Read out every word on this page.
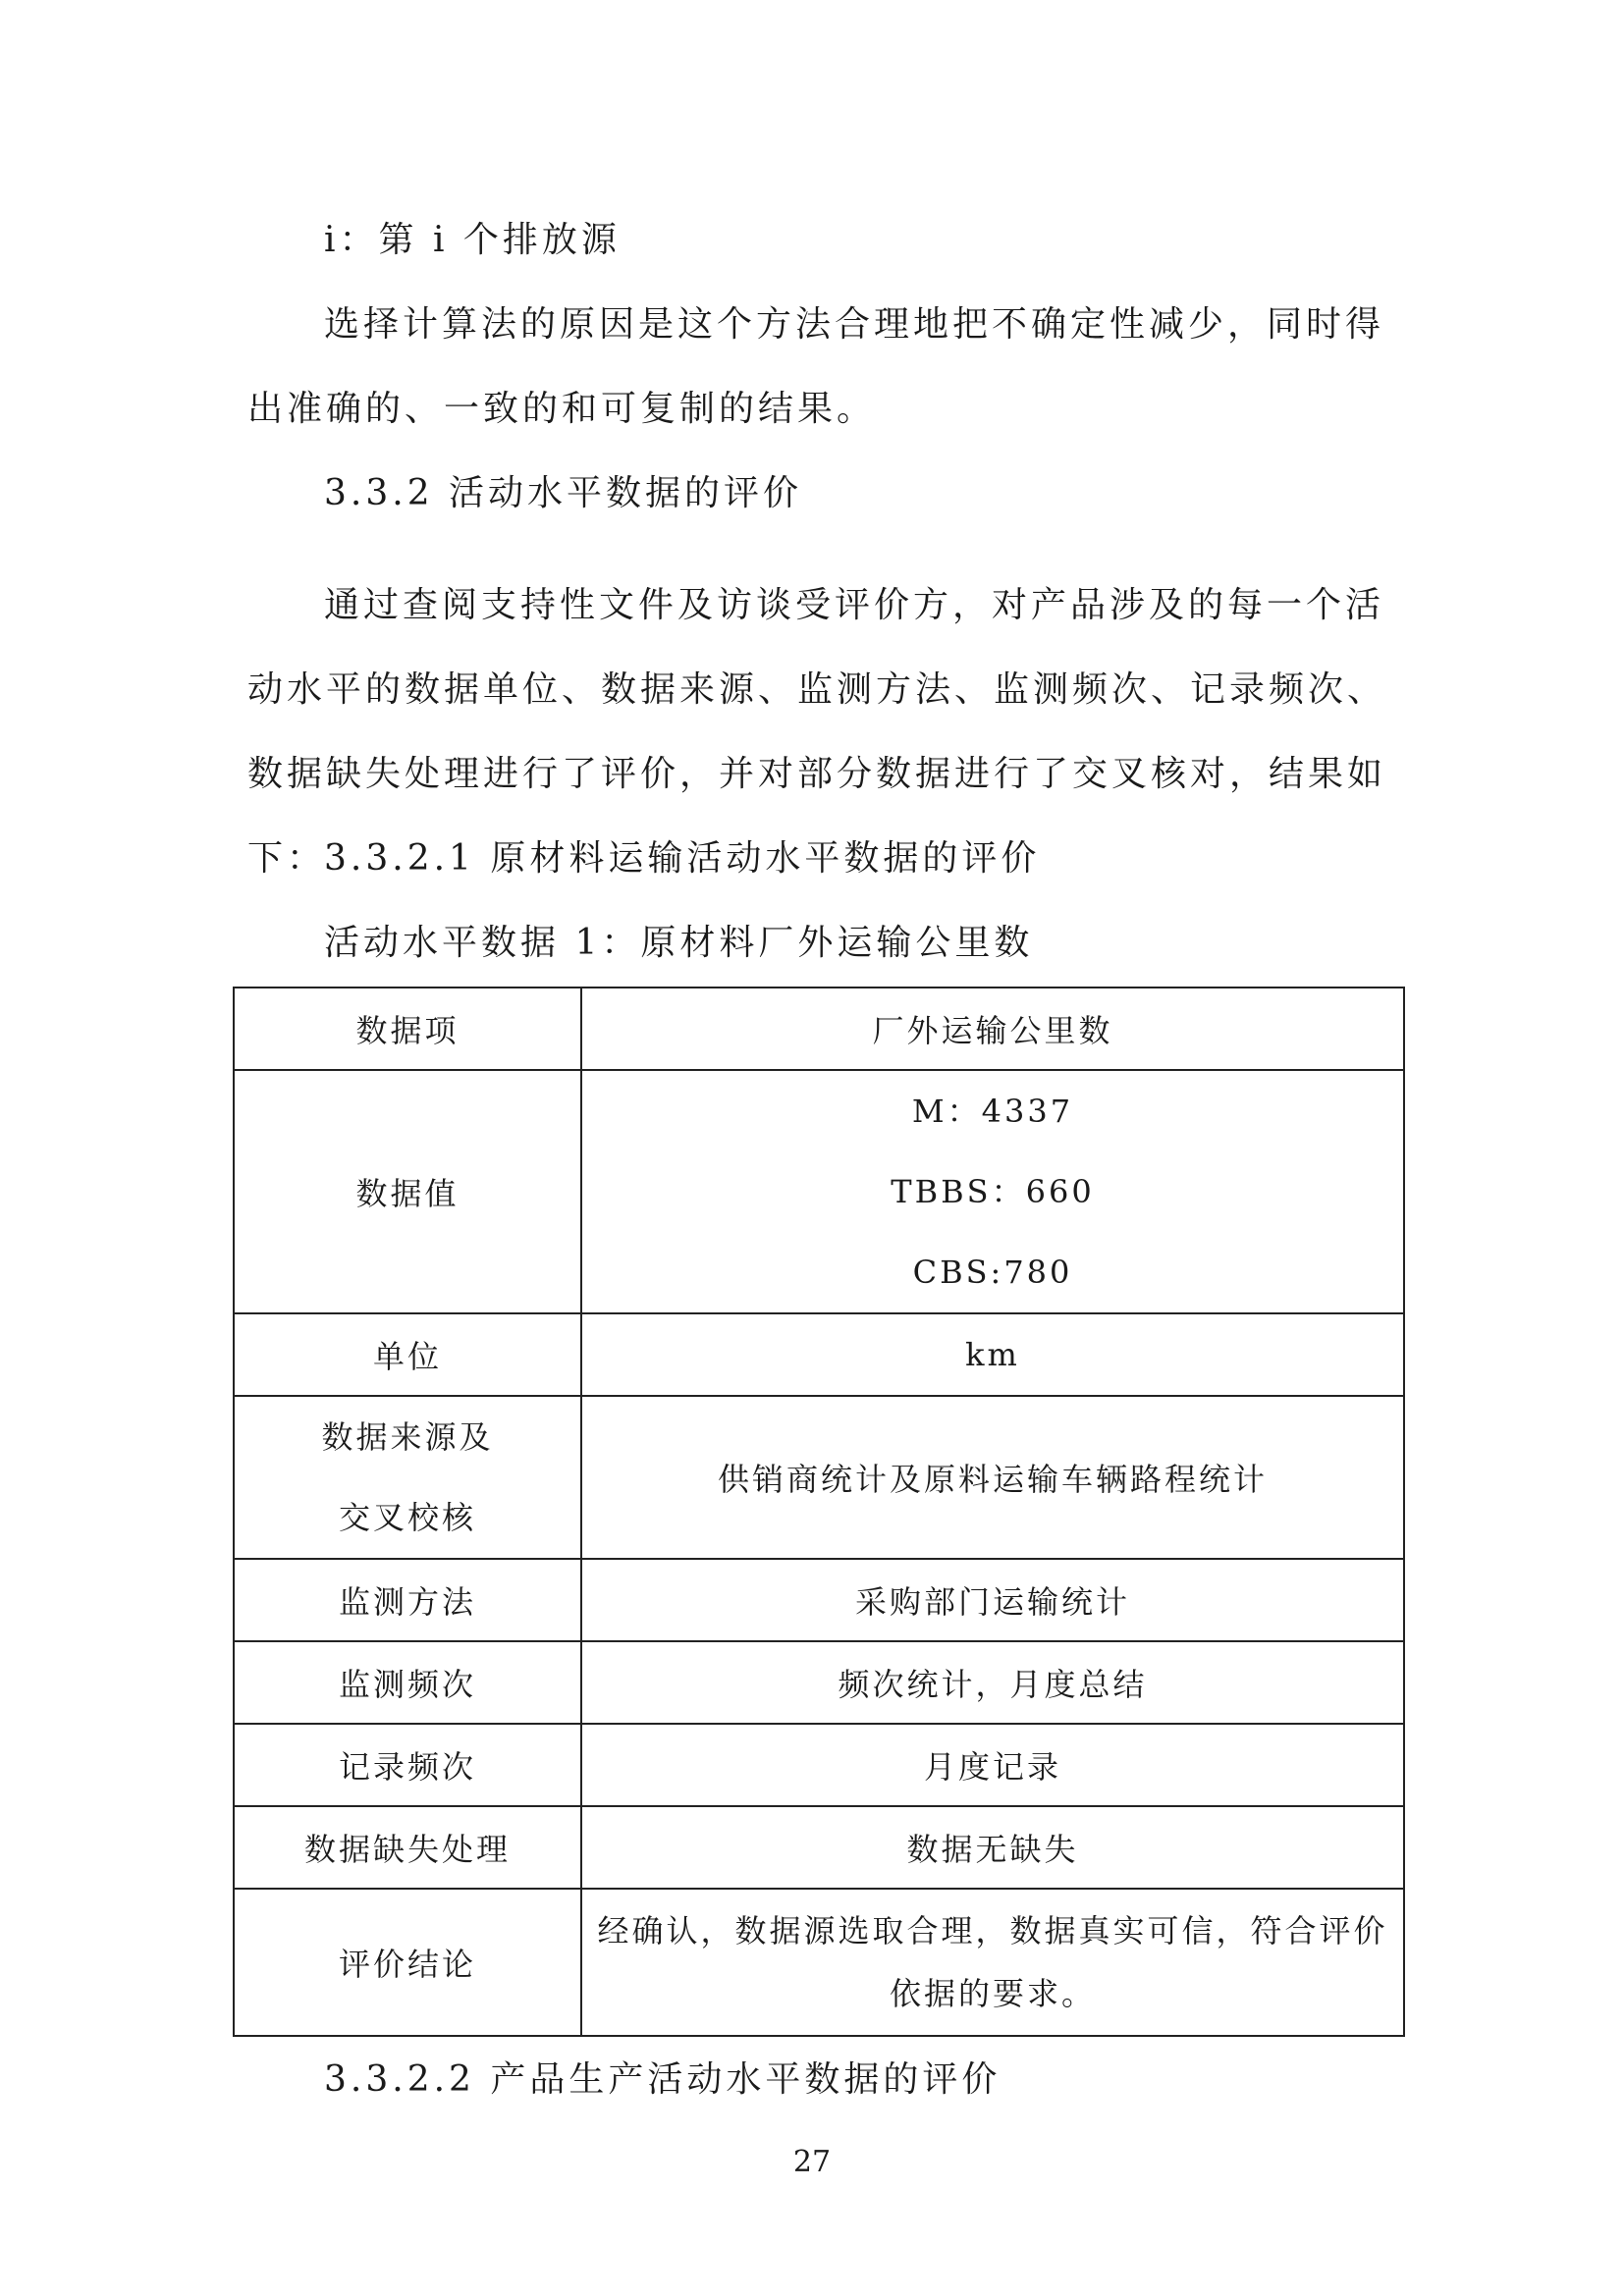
i：第 i 个排放源

选择计算法的原因是这个方法合理地把不确定性减少，同时得出准确的、一致的和可复制的结果。

3.3.2 活动水平数据的评价

通过查阅支持性文件及访谈受评价方，对产品涉及的每一个活动水平的数据单位、数据来源、监测方法、监测频次、记录频次、数据缺失处理进行了评价，并对部分数据进行了交叉核对，结果如下：

3.3.2.1 原材料运输活动水平数据的评价

活动水平数据 1：原材料厂外运输公里数

数据项	厂外运输公里数
数据值	M：4337
TBBS：660
CBS:780

单位	km

数据来源及
交叉校核	供销商统计及原料运输车辆路程统计
监测方法	采购部门运输统计
监测频次	频次统计，月度总结
记录频次	月度记录
数据缺失处理	数据无缺失
评价结论	经确认，数据源选取合理，数据真实可信，符合评价依据的要求。

3.3.2.2 产品生产活动水平数据的评价

27
